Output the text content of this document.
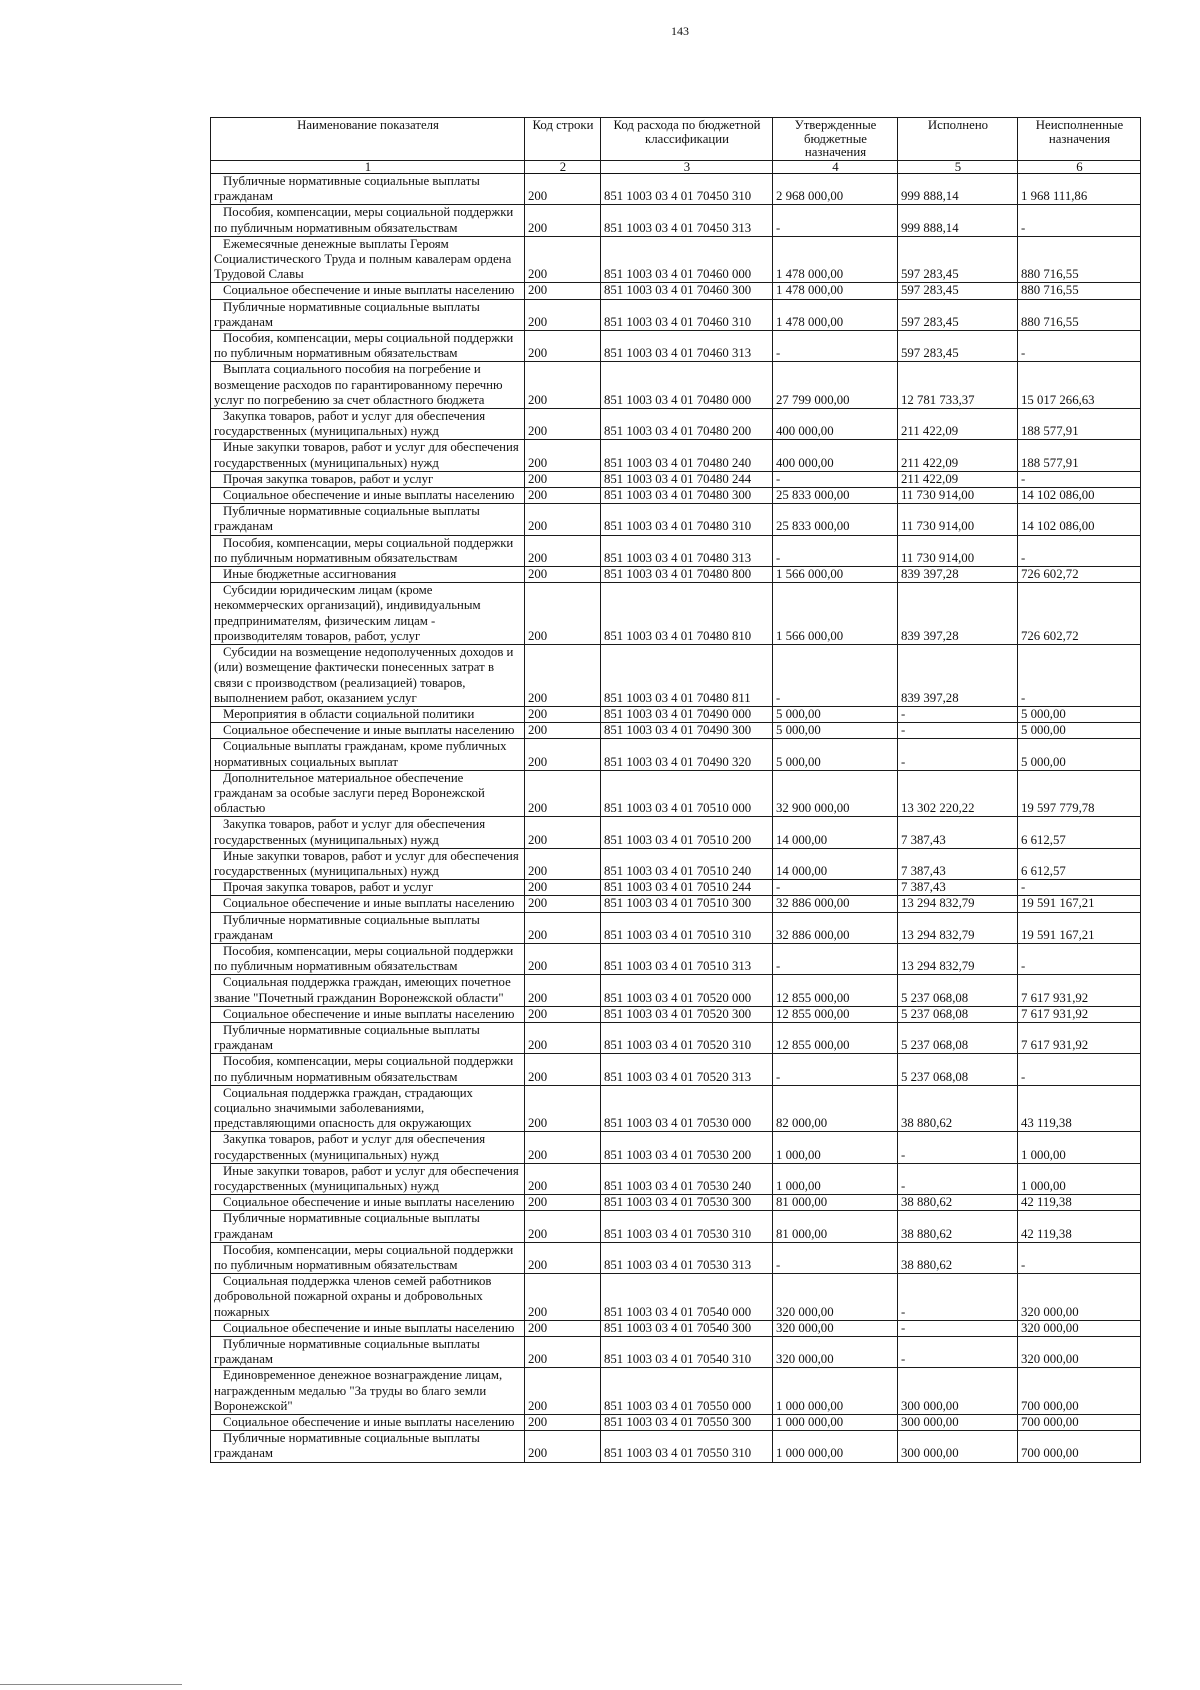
143
Наименование показателя	Код строки	Код расхода по бюджетной классификации	Утвержденные бюджетные назначения	Исполнено	Неисполненные назначения
1	2	3	4	5	6
Публичные нормативные социальные выплаты гражданам	200	851 1003 03 4 01 70450 310	2 968 000,00	999 888,14	1 968 111,86
Пособия, компенсации, меры социальной поддержки по публичным нормативным обязательствам	200	851 1003 03 4 01 70450 313	-	999 888,14	-
Ежемесячные денежные выплаты Героям Социалистического Труда и полным кавалерам ордена Трудовой Славы	200	851 1003 03 4 01 70460 000	1 478 000,00	597 283,45	880 716,55
Социальное обеспечение и иные выплаты населению	200	851 1003 03 4 01 70460 300	1 478 000,00	597 283,45	880 716,55
Публичные нормативные социальные выплаты гражданам	200	851 1003 03 4 01 70460 310	1 478 000,00	597 283,45	880 716,55
Пособия, компенсации, меры социальной поддержки по публичным нормативным обязательствам	200	851 1003 03 4 01 70460 313	-	597 283,45	-
Выплата социального пособия на погребение и возмещение расходов по гарантированному перечню услуг по погребению за счет областного бюджета	200	851 1003 03 4 01 70480 000	27 799 000,00	12 781 733,37	15 017 266,63
Закупка товаров, работ и услуг для обеспечения государственных (муниципальных) нужд	200	851 1003 03 4 01 70480 200	400 000,00	211 422,09	188 577,91
Иные закупки товаров, работ и услуг для обеспечения государственных (муниципальных) нужд	200	851 1003 03 4 01 70480 240	400 000,00	211 422,09	188 577,91
Прочая закупка товаров, работ и услуг	200	851 1003 03 4 01 70480 244	-	211 422,09	-
Социальное обеспечение и иные выплаты населению	200	851 1003 03 4 01 70480 300	25 833 000,00	11 730 914,00	14 102 086,00
Публичные нормативные социальные выплаты гражданам	200	851 1003 03 4 01 70480 310	25 833 000,00	11 730 914,00	14 102 086,00
Пособия, компенсации, меры социальной поддержки по публичным нормативным обязательствам	200	851 1003 03 4 01 70480 313	-	11 730 914,00	-
Иные бюджетные ассигнования	200	851 1003 03 4 01 70480 800	1 566 000,00	839 397,28	726 602,72
Субсидии юридическим лицам (кроме некоммерческих организаций), индивидуальным предпринимателям, физическим лицам - производителям товаров, работ, услуг	200	851 1003 03 4 01 70480 810	1 566 000,00	839 397,28	726 602,72
Субсидии на возмещение недополученных доходов и (или) возмещение фактически понесенных затрат в связи с производством (реализацией) товаров, выполнением работ, оказанием услуг	200	851 1003 03 4 01 70480 811	-	839 397,28	-
Мероприятия в области социальной политики	200	851 1003 03 4 01 70490 000	5 000,00	-	5 000,00
Социальное обеспечение и иные выплаты населению	200	851 1003 03 4 01 70490 300	5 000,00	-	5 000,00
Социальные выплаты гражданам, кроме публичных нормативных социальных выплат	200	851 1003 03 4 01 70490 320	5 000,00	-	5 000,00
Дополнительное материальное обеспечение гражданам за особые заслуги перед Воронежской областью	200	851 1003 03 4 01 70510 000	32 900 000,00	13 302 220,22	19 597 779,78
Закупка товаров, работ и услуг для обеспечения государственных (муниципальных) нужд	200	851 1003 03 4 01 70510 200	14 000,00	7 387,43	6 612,57
Иные закупки товаров, работ и услуг для обеспечения государственных (муниципальных) нужд	200	851 1003 03 4 01 70510 240	14 000,00	7 387,43	6 612,57
Прочая закупка товаров, работ и услуг	200	851 1003 03 4 01 70510 244	-	7 387,43	-
Социальное обеспечение и иные выплаты населению	200	851 1003 03 4 01 70510 300	32 886 000,00	13 294 832,79	19 591 167,21
Публичные нормативные социальные выплаты гражданам	200	851 1003 03 4 01 70510 310	32 886 000,00	13 294 832,79	19 591 167,21
Пособия, компенсации, меры социальной поддержки по публичным нормативным обязательствам	200	851 1003 03 4 01 70510 313	-	13 294 832,79	-
Социальная поддержка граждан, имеющих почетное звание "Почетный гражданин Воронежской области"	200	851 1003 03 4 01 70520 000	12 855 000,00	5 237 068,08	7 617 931,92
Социальное обеспечение и иные выплаты населению	200	851 1003 03 4 01 70520 300	12 855 000,00	5 237 068,08	7 617 931,92
Публичные нормативные социальные выплаты гражданам	200	851 1003 03 4 01 70520 310	12 855 000,00	5 237 068,08	7 617 931,92
Пособия, компенсации, меры социальной поддержки по публичным нормативным обязательствам	200	851 1003 03 4 01 70520 313	-	5 237 068,08	-
Социальная поддержка граждан, страдающих социально значимыми заболеваниями, представляющими опасность для окружающих	200	851 1003 03 4 01 70530 000	82 000,00	38 880,62	43 119,38
Закупка товаров, работ и услуг для обеспечения государственных (муниципальных) нужд	200	851 1003 03 4 01 70530 200	1 000,00	-	1 000,00
Иные закупки товаров, работ и услуг для обеспечения государственных (муниципальных) нужд	200	851 1003 03 4 01 70530 240	1 000,00	-	1 000,00
Социальное обеспечение и иные выплаты населению	200	851 1003 03 4 01 70530 300	81 000,00	38 880,62	42 119,38
Публичные нормативные социальные выплаты гражданам	200	851 1003 03 4 01 70530 310	81 000,00	38 880,62	42 119,38
Пособия, компенсации, меры социальной поддержки по публичным нормативным обязательствам	200	851 1003 03 4 01 70530 313	-	38 880,62	-
Социальная поддержка членов семей работников добровольной пожарной охраны и добровольных пожарных	200	851 1003 03 4 01 70540 000	320 000,00	-	320 000,00
Социальное обеспечение и иные выплаты населению	200	851 1003 03 4 01 70540 300	320 000,00	-	320 000,00
Публичные нормативные социальные выплаты гражданам	200	851 1003 03 4 01 70540 310	320 000,00	-	320 000,00
Единовременное денежное вознаграждение лицам, награжденным медалью "За труды во благо земли Воронежской"	200	851 1003 03 4 01 70550 000	1 000 000,00	300 000,00	700 000,00
Социальное обеспечение и иные выплаты населению	200	851 1003 03 4 01 70550 300	1 000 000,00	300 000,00	700 000,00
Публичные нормативные социальные выплаты гражданам	200	851 1003 03 4 01 70550 310	1 000 000,00	300 000,00	700 000,00
